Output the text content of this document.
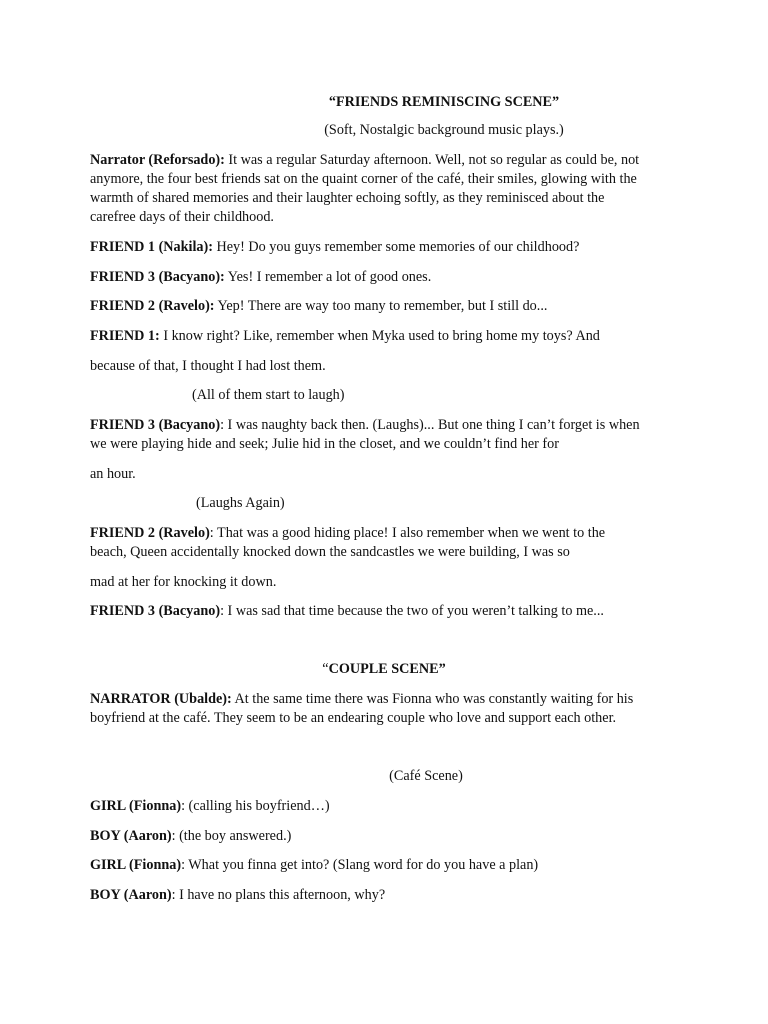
“FRIENDS REMINISCING SCENE”
(Soft, Nostalgic background music plays.)
Narrator (Reforsado): It was a regular Saturday afternoon. Well, not so regular as could be, not
anymore, the four best friends sat on the quaint corner of the café, their smiles, glowing with the
warmth of shared memories and their laughter echoing softly, as they reminisced about the
carefree days of their childhood.
FRIEND 1 (Nakila): Hey! Do you guys remember some memories of our childhood?
FRIEND 3 (Bacyano): Yes! I remember a lot of good ones.
FRIEND 2 (Ravelo): Yep! There are way too many to remember, but I still do...
FRIEND 1: I know right? Like, remember when Myka used to bring home my toys? And
because of that, I thought I had lost them.
(All of them start to laugh)
FRIEND 3 (Bacyano): I was naughty back then. (Laughs)... But one thing I can’t forget is when
we were playing hide and seek; Julie hid in the closet, and we couldn’t find her for
an hour.
(Laughs Again)
FRIEND 2 (Ravelo): That was a good hiding place! I also remember when we went to the
beach, Queen accidentally knocked down the sandcastles we were building, I was so
mad at her for knocking it down.
FRIEND 3 (Bacyano): I was sad that time because the two of you weren’t talking to me...
“COUPLE SCENE”
NARRATOR (Ubalde): At the same time there was Fionna who was constantly waiting for his
boyfriend at the café. They seem to be an endearing couple who love and support each other.
(Café Scene)
GIRL (Fionna): (calling his boyfriend…)
BOY (Aaron): (the boy answered.)
GIRL (Fionna): What you finna get into? (Slang word for do you have a plan)
BOY (Aaron): I have no plans this afternoon, why?
